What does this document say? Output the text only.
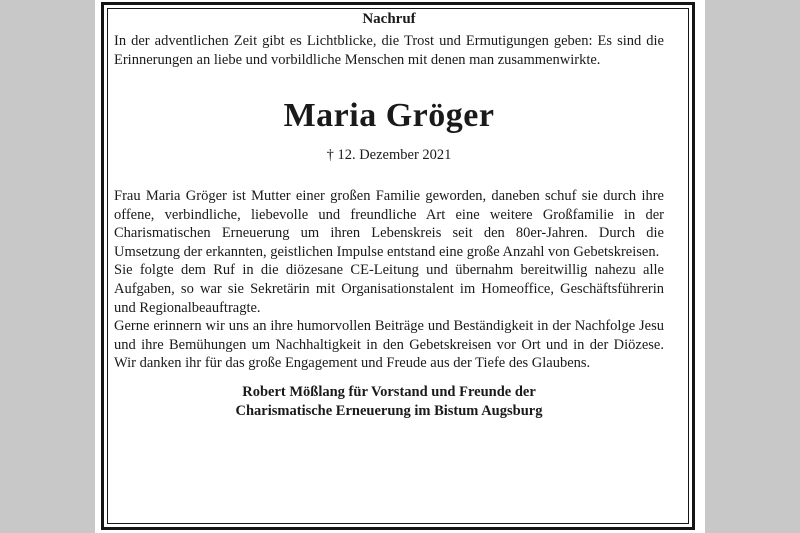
Nachruf
In der adventlichen Zeit gibt es Lichtblicke, die Trost und Ermutigungen geben: Es sind die Erinnerungen an liebe und vorbildliche Menschen mit denen man zusammenwirkte.
Maria Gröger
† 12. Dezember 2021

Frau Maria Gröger ist Mutter einer großen Familie geworden, daneben schuf sie durch ihre offene, verbindliche, liebevolle und freundliche Art eine weitere Großfamilie in der Charismatischen Erneuerung um ihren Lebenskreis seit den 80er-Jahren. Durch die Umsetzung der erkannten, geistlichen Impulse entstand eine große Anzahl von Gebetskreisen.

Sie folgte dem Ruf in die diözesane CE-Leitung und übernahm bereitwillig nahezu alle Aufgaben, so war sie Sekretärin mit Organisationstalent im Homeoffice, Geschäftsführerin und Regionalbeauftragte.

Gerne erinnern wir uns an ihre humorvollen Beiträge und Beständigkeit in der Nachfolge Jesu und ihre Bemühungen um Nachhaltigkeit in den Gebetskreisen vor Ort und in der Diözese. Wir danken ihr für das große Engagement und Freude aus der Tiefe des Glaubens.

Robert Mößlang für Vorstand und Freunde der
Charismatische Erneuerung im Bistum Augsburg
